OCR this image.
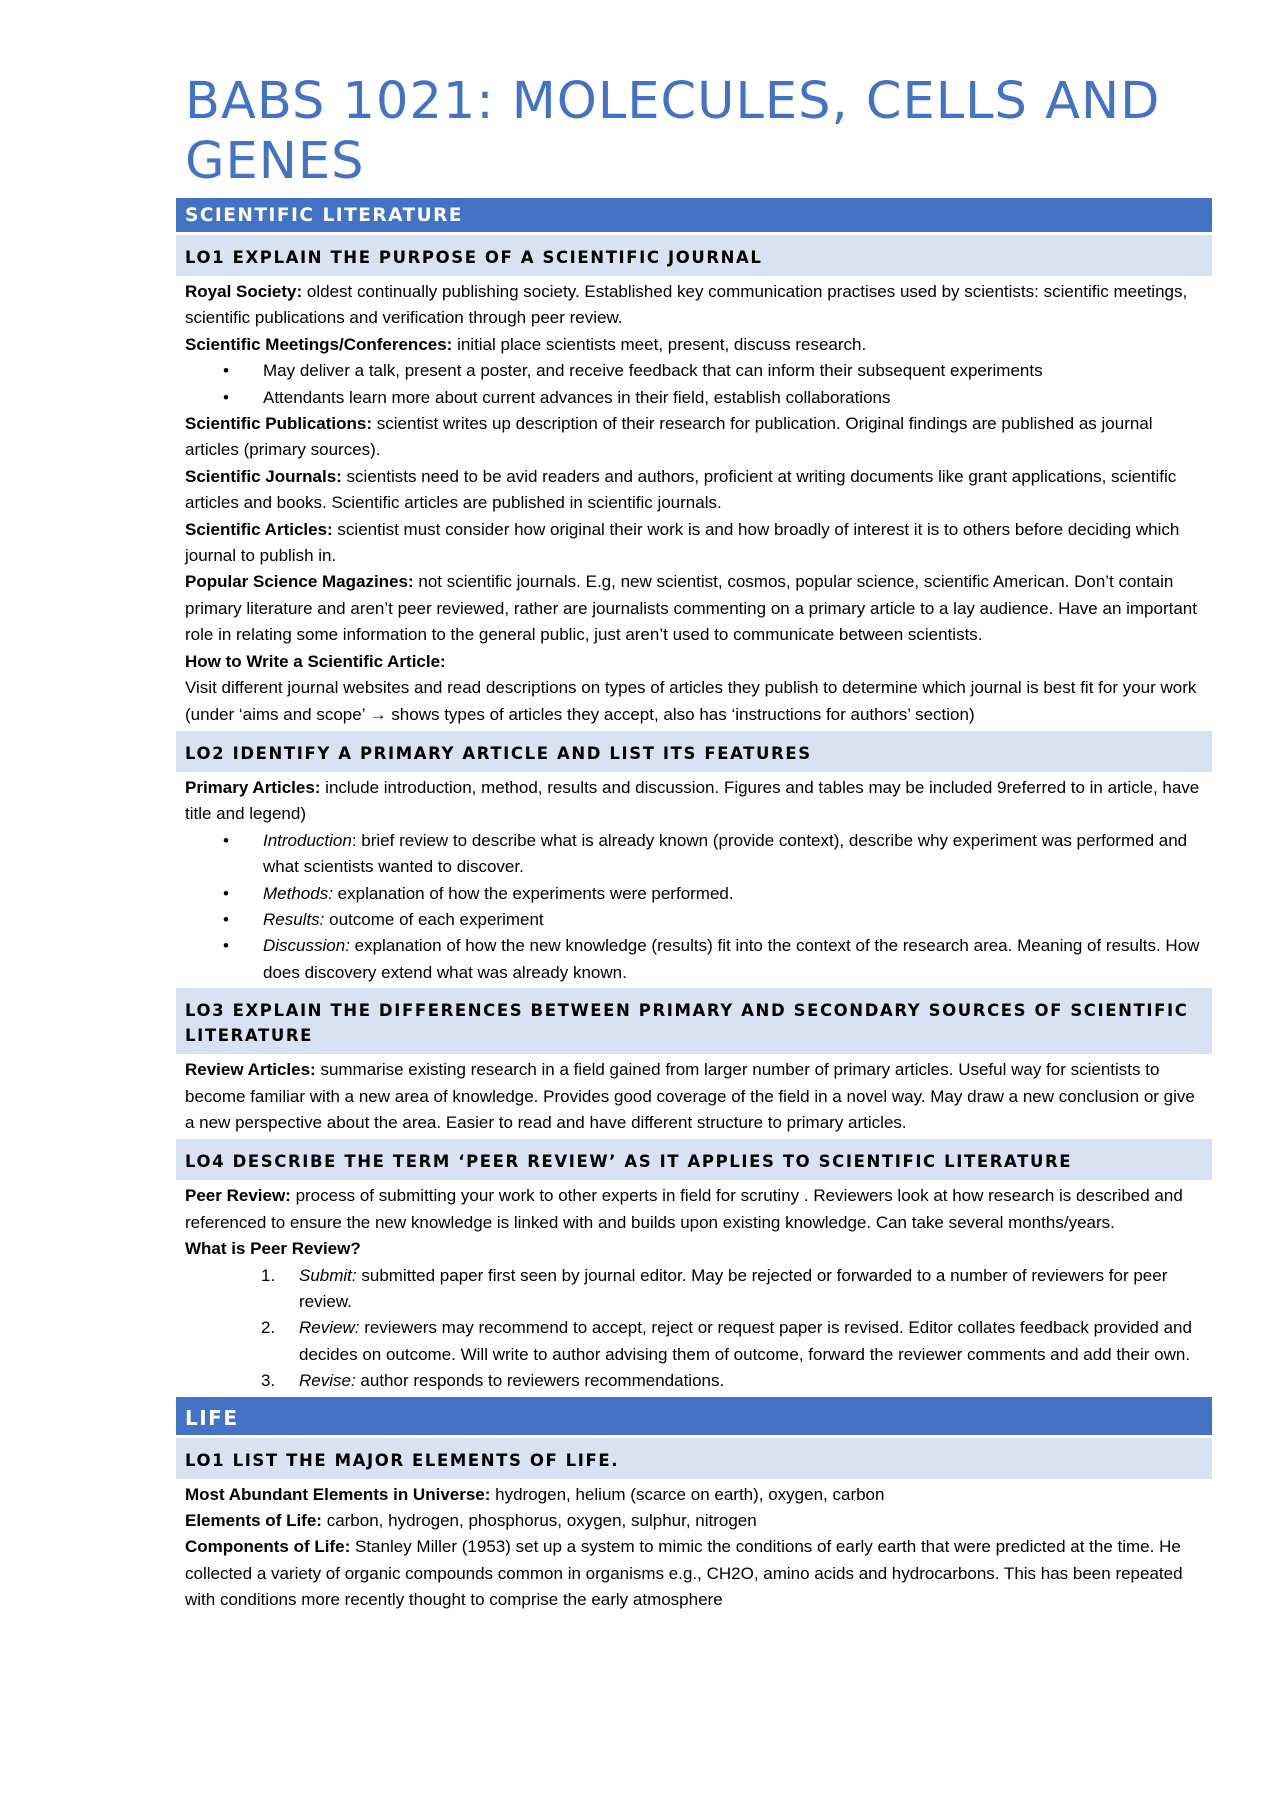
BABS 1021: MOLECULES, CELLS AND GENES
SCIENTIFIC LITERATURE
LO1 EXPLAIN THE PURPOSE OF A SCIENTIFIC JOURNAL

Royal Society: oldest continually publishing society. Established key communication practises used by scientists: scientific meetings, scientific publications and verification through peer review.

Scientific Meetings/Conferences: initial place scientists meet, present, discuss research.

• May deliver a talk, present a poster, and receive feedback that can inform their subsequent experiments
• Attendants learn more about current advances in their field, establish collaborations

Scientific Publications: scientist writes up description of their research for publication. Original findings are published as journal articles (primary sources).

Scientific Journals: scientists need to be avid readers and authors, proficient at writing documents like grant applications, scientific articles and books. Scientific articles are published in scientific journals.

Scientific Articles: scientist must consider how original their work is and how broadly of interest it is to others before deciding which journal to publish in.

Popular Science Magazines: not scientific journals. E.g, new scientist, cosmos, popular science, scientific American. Don’t contain primary literature and aren’t peer reviewed, rather are journalists commenting on a primary article to a lay audience. Have an important role in relating some information to the general public, just aren’t used to communicate between scientists.

How to Write a Scientific Article:

Visit different journal websites and read descriptions on types of articles they publish to determine which journal is best fit for your work (under ‘aims and scope’ → shows types of articles they accept, also has ‘instructions for authors’ section)

LO2 IDENTIFY A PRIMARY ARTICLE AND LIST ITS FEATURES

Primary Articles: include introduction, method, results and discussion. Figures and tables may be included 9referred to in article, have title and legend)

• Introduction: brief review to describe what is already known (provide context), describe why experiment was performed and what scientists wanted to discover.
• Methods: explanation of how the experiments were performed.
• Results: outcome of each experiment
• Discussion: explanation of how the new knowledge (results) fit into the context of the research area. Meaning of results. How does discovery extend what was already known.
LO3 EXPLAIN THE DIFFERENCES BETWEEN PRIMARY AND SECONDARY SOURCES OF SCIENTIFIC LITERATURE

Review Articles: summarise existing research in a field gained from larger number of primary articles. Useful way for scientists to become familiar with a new area of knowledge. Provides good coverage of the field in a novel way. May draw a new conclusion or give a new perspective about the area. Easier to read and have different structure to primary articles.

LO4 DESCRIBE THE TERM ‘PEER REVIEW’ AS IT APPLIES TO SCIENTIFIC LITERATURE

Peer Review: process of submitting your work to other experts in field for scrutiny . Reviewers look at how research is described and referenced to ensure the new knowledge is linked with and builds upon existing knowledge. Can take several months/years.

What is Peer Review?

1. Submit: submitted paper first seen by journal editor. May be rejected or forwarded to a number of reviewers for peer review.
2. Review: reviewers may recommend to accept, reject or request paper is revised. Editor collates feedback provided and decides on outcome. Will write to author advising them of outcome, forward the reviewer comments and add their own.
3. Revise: author responds to reviewers recommendations.
LIFE
LO1 LIST THE MAJOR ELEMENTS OF LIFE.

Most Abundant Elements in Universe: hydrogen, helium (scarce on earth), oxygen, carbon

Elements of Life: carbon, hydrogen, phosphorus, oxygen, sulphur, nitrogen

Components of Life: Stanley Miller (1953) set up a system to mimic the conditions of early earth that were predicted at the time. He collected a variety of organic compounds common in organisms e.g., CH2O, amino acids and hydrocarbons. This has been repeated with conditions more recently thought to comprise the early atmosphere
